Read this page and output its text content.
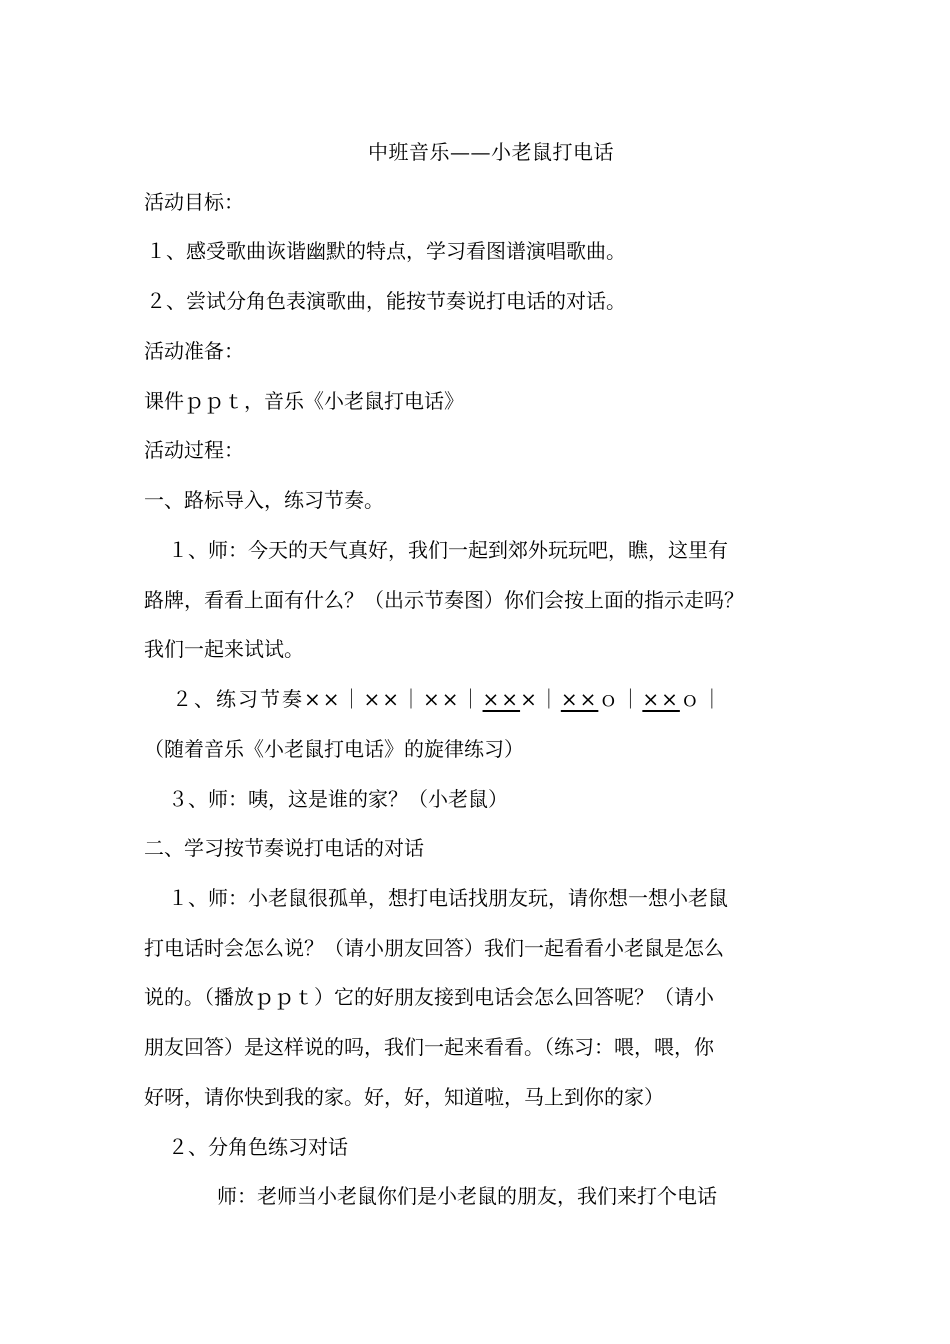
中班音乐——小老鼠打电话
活动目标：
１、感受歌曲诙谐幽默的特点，学习看图谱演唱歌曲。
２、尝试分角色表演歌曲，能按节奏说打电话的对话。
活动准备：
课件ｐｐｔ，音乐《小老鼠打电话》
活动过程：
一、路标导入，练习节奏。
１、师：今天的天气真好，我们一起到郊外玩玩吧，瞧，这里有
路牌，看看上面有什么？（出示节奏图）你们会按上面的指示走吗？
我们一起来试试。
２、练习节奏××｜××｜××｜×××｜××ｏ｜××ｏ｜
（随着音乐《小老鼠打电话》的旋律练习）
３、师：咦，这是谁的家？（小老鼠）
二、学习按节奏说打电话的对话
１、师：小老鼠很孤单，想打电话找朋友玩，请你想一想小老鼠
打电话时会怎么说？（请小朋友回答）我们一起看看小老鼠是怎么
说的。（播放ｐｐｔ）它的好朋友接到电话会怎么回答呢？（请小
朋友回答）是这样说的吗，我们一起来看看。（练习：喂，喂，你
好呀，请你快到我的家。好，好，知道啦，马上到你的家）
２、分角色练习对话
师：老师当小老鼠你们是小老鼠的朋友，我们来打个电话
